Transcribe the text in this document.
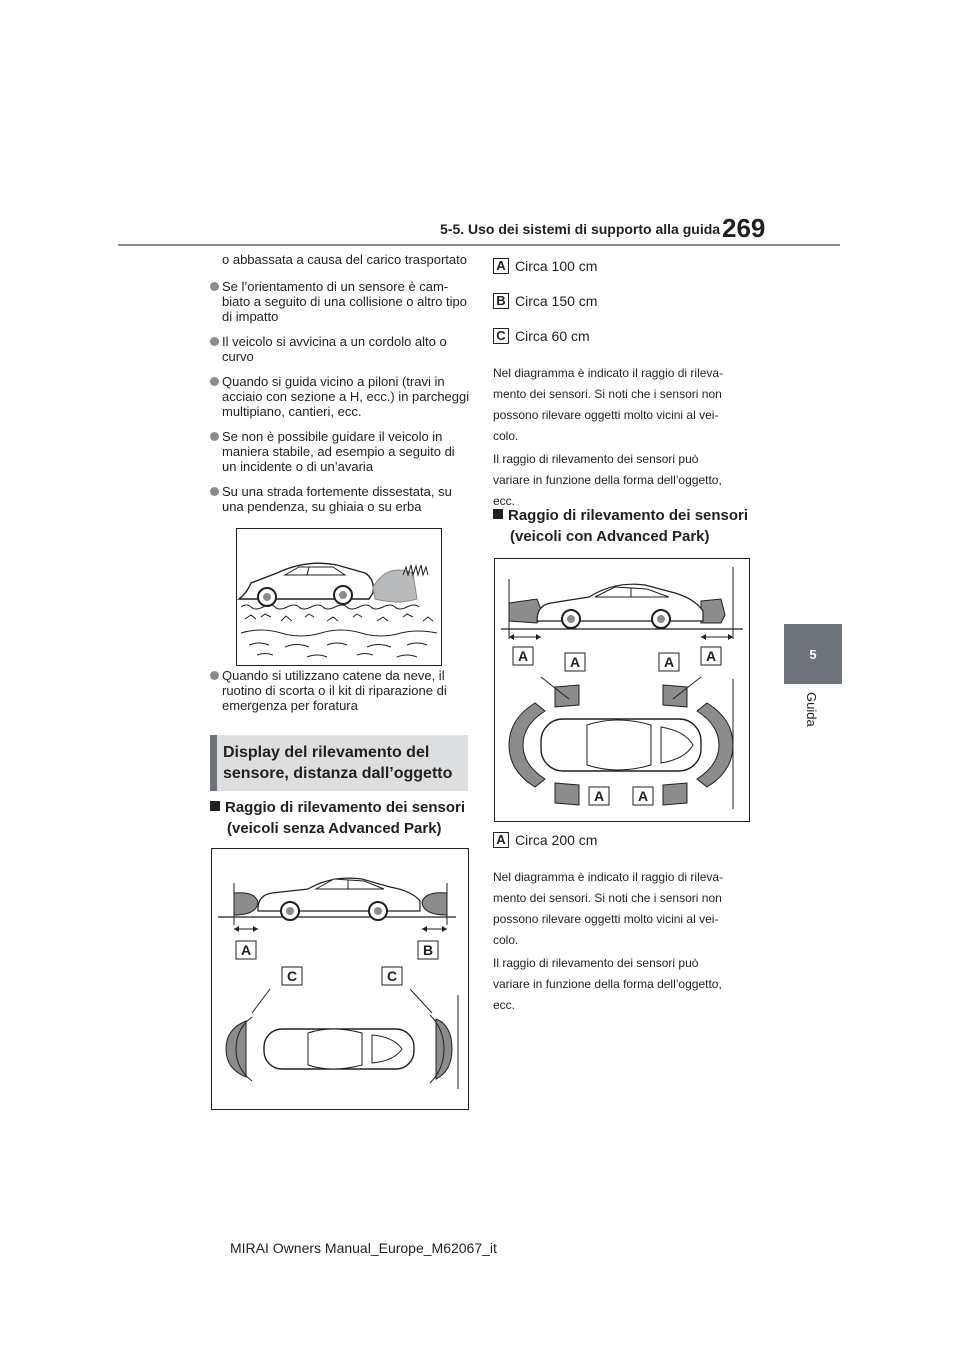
5-5. Uso dei sistemi di supporto alla guida 269
5
Guida

o abbassata a causa del carico trasportato

Se l’orientamento di un sensore è cam-biato a seguito di una collisione o altro tipo di impatto
Il veicolo si avvicina a un cordolo alto o curvo
Quando si guida vicino a piloni (travi in acciaio con sezione a H, ecc.) in parcheggi multipiano, cantieri, ecc.
Se non è possibile guidare il veicolo in maniera stabile, ad esempio a seguito di un incidente o di un’avaria
Su una strada fortemente dissestata, su una pendenza, su ghiaia o su erba
Quando si utilizzano catene da neve, il ruotino di scorta o il kit di riparazione di emergenza per foratura
Display del rilevamento del
sensore, distanza dall’oggetto
Raggio di rilevamento dei sensori
(veicoli senza Advanced Park)
A	B
C	C
A Circa 100 cm
B Circa 150 cm
C Circa 60 cm
Nel diagramma è indicato il raggio di rileva-
mento dei sensori. Si noti che i sensori non
possono rilevare oggetti molto vicini al vei-
colo.
Il raggio di rilevamento dei sensori può
variare in funzione della forma dell’oggetto,
ecc.
Raggio di rilevamento dei sensori
(veicoli con Advanced Park)
A	A	A A
A A
A Circa 200 cm
Nel diagramma è indicato il raggio di rileva-
mento dei sensori. Si noti che i sensori non
possono rilevare oggetti molto vicini al vei-
colo.
Il raggio di rilevamento dei sensori può
variare in funzione della forma dell’oggetto,
ecc.
MIRAI Owners Manual_Europe_M62067_it
